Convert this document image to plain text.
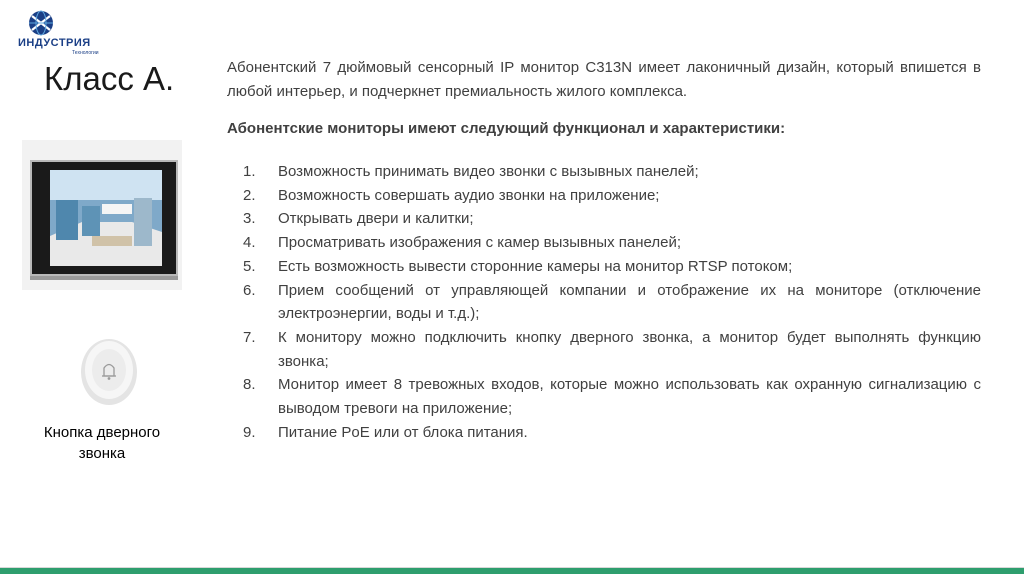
ИНДУСТРИЯ
Технологии
Класс А.
Кнопка дверного звонка
Абонентский 7 дюймовый сенсорный IP монитор C313N имеет лаконичный дизайн, который впишется в любой интерьер, и подчеркнет премиальность жилого комплекса.
Абонентские мониторы имеют следующий функционал и характеристики:
1. Возможность принимать видео звонки с вызывных панелей;
2. Возможность совершать аудио звонки на приложение;
3. Открывать двери и калитки;
4. Просматривать изображения с камер вызывных панелей;
5. Есть возможность вывести сторонние камеры на монитор RTSP потоком;
6. Прием сообщений от управляющей компании и отображение их на мониторе (отключение электроэнергии, воды и т.д.);
7. К монитору можно подключить кнопку дверного звонка, а монитор будет выполнять функцию звонка;
8. Монитор имеет 8 тревожных входов, которые можно использовать как охранную сигнализацию с выводом тревоги на приложение;
9. Питание PoE или от блока питания.
